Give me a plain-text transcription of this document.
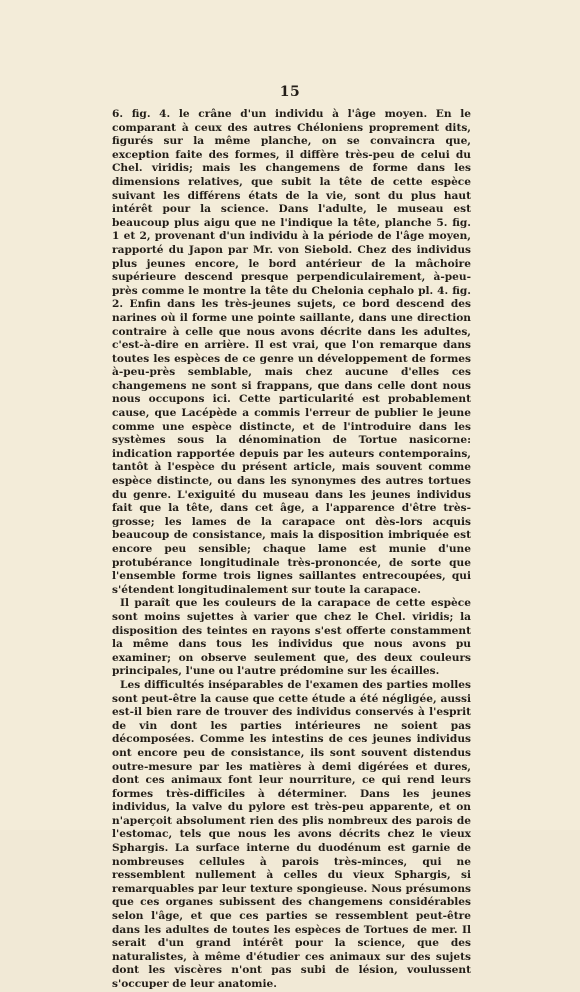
15

6. fig. 4. le crâne d'un individu à l'âge moyen. En le comparant à ceux des autres Chéloniens proprement dits, figurés sur la même planche, on se convaincra que, exception faite des formes, il diffère très-peu de celui du Chel. viridis; mais les changemens de forme dans les dimensions relatives, que subit la tête de cette espèce suivant les différens états de la vie, sont du plus haut intérêt pour la science. Dans l'adulte, le museau est beaucoup plus aigu que ne l'indique la tête, planche 5. fig. 1 et 2, provenant d'un individu à la période de l'âge moyen, rapporté du Japon par Mr. von Siebold. Chez des individus plus jeunes encore, le bord antérieur de la mâchoire supérieure descend presque perpendiculairement, à-peu-près comme le montre la tête du Chelonia cephalo pl. 4. fig. 2. Enfin dans les très-jeunes sujets, ce bord descend des narines où il forme une pointe saillante, dans une direction contraire à celle que nous avons décrite dans les adultes, c'est-à-dire en arrière. Il est vrai, que l'on remarque dans toutes les espèces de ce genre un développement de formes à-peu-près semblable, mais chez aucune d'elles ces changemens ne sont si frappans, que dans celle dont nous nous occupons ici. Cette particularité est probablement cause, que Lacépède a commis l'erreur de publier le jeune comme une espèce distincte, et de l'introduire dans les systèmes sous la dénomination de Tortue nasicorne: indication rapportée depuis par les auteurs contemporains, tantôt à l'espèce du présent article, mais souvent comme espèce distincte, ou dans les synonymes des autres tortues du genre. L'exiguité du museau dans les jeunes individus fait que la tête, dans cet âge, a l'apparence d'être très-grosse; les lames de la carapace ont dès-lors acquis beaucoup de consistance, mais la disposition imbriquée est encore peu sensible; chaque lame est munie d'une protubérance longitudinale très-prononcée, de sorte que l'ensemble forme trois lignes saillantes entrecoupées, qui s'étendent longitudinalement sur toute la carapace.

Il paraît que les couleurs de la carapace de cette espèce sont moins sujettes à varier que chez le Chel. viridis; la disposition des teintes en rayons s'est offerte constamment la même dans tous les individus que nous avons pu examiner; on observe seulement que, des deux couleurs principales, l'une ou l'autre prédomine sur les écailles.

Les difficultés inséparables de l'examen des parties molles sont peut-être la cause que cette étude a été négligée, aussi est-il bien rare de trouver des individus conservés à l'esprit de vin dont les parties intérieures ne soient pas décomposées. Comme les intestins de ces jeunes individus ont encore peu de consistance, ils sont souvent distendus outre-mesure par les matières à demi digérées et dures, dont ces animaux font leur nourriture, ce qui rend leurs formes très-difficiles à déterminer. Dans les jeunes individus, la valve du pylore est très-peu apparente, et on n'aperçoit absolument rien des plis nombreux des parois de l'estomac, tels que nous les avons décrits chez le vieux Sphargis. La surface interne du duodénum est garnie de nombreuses cellules à parois très-minces, qui ne ressemblent nullement à celles du vieux Sphargis, si remarquables par leur texture spongieuse. Nous présumons que ces organes subissent des changemens considérables selon l'âge, et que ces parties se ressemblent peut-être dans les adultes de toutes les espèces de Tortues de mer. Il serait d'un grand intérêt pour la science, que des naturalistes, à même d'étudier ces animaux sur des sujets dont les viscères n'ont pas subi de lésion, voulussent s'occuper de leur anatomie.
